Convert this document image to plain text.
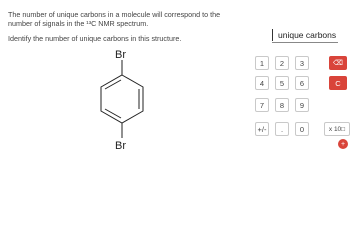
The number of unique carbons in a molecule will correspond to the number of signals in the ¹³C NMR spectrum.

Identify the number of unique carbons in this structure.

Br
Br
unique carbons
1	2	3	⌫
4	5	6	C
7	8	9
+/-	.	0	x 10□
+
